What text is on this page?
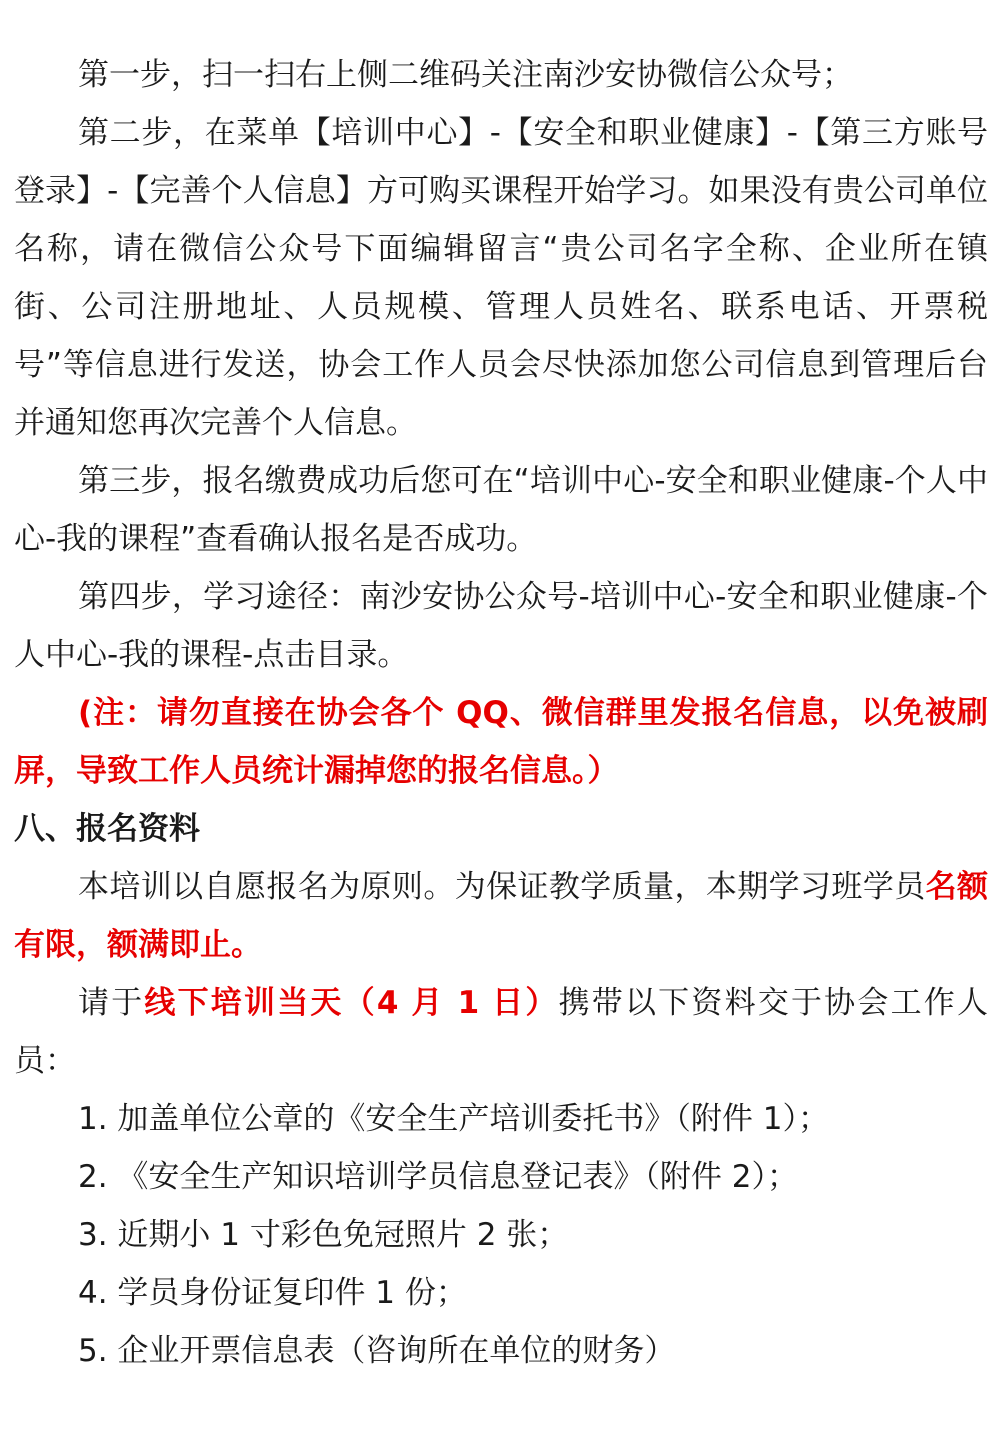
第一步，扫一扫右上侧二维码关注南沙安协微信公众号；

第二步，在菜单【培训中心】-【安全和职业健康】-【第三方账号登录】-【完善个人信息】方可购买课程开始学习。如果没有贵公司单位名称，请在微信公众号下面编辑留言“贵公司名字全称、企业所在镇街、公司注册地址、人员规模、管理人员姓名、联系电话、开票税号”等信息进行发送，协会工作人员会尽快添加您公司信息到管理后台并通知您再次完善个人信息。

第三步，报名缴费成功后您可在“培训中心-安全和职业健康-个人中心-我的课程”查看确认报名是否成功。

第四步，学习途径：南沙安协公众号-培训中心-安全和职业健康-个人中心-我的课程-点击目录。

(注：请勿直接在协会各个 QQ、微信群里发报名信息，以免被刷屏，导致工作人员统计漏掉您的报名信息。）

八、报名资料

本培训以自愿报名为原则。为保证教学质量，本期学习班学员名额有限，额满即止。

请于线下培训当天（4 月 1 日）携带以下资料交于协会工作人员：

1. 加盖单位公章的《安全生产培训委托书》（附件 1）；

2. 《安全生产知识培训学员信息登记表》（附件 2）；

3. 近期小 1 寸彩色免冠照片 2 张；

4. 学员身份证复印件 1 份；

5. 企业开票信息表（咨询所在单位的财务）
